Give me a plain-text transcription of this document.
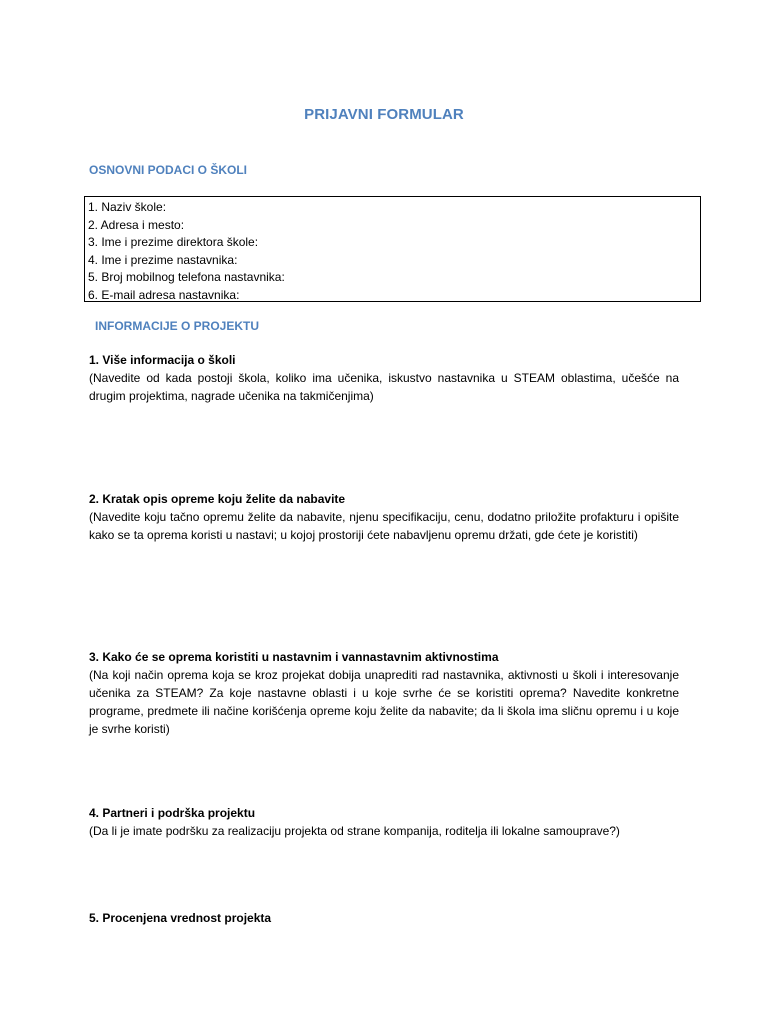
PRIJAVNI FORMULAR
OSNOVNI PODACI O ŠKOLI
1. Naziv škole:
2. Adresa i mesto:
3. Ime i prezime direktora škole:
4. Ime i prezime nastavnika:
5. Broj mobilnog telefona nastavnika:
6. E-mail adresa nastavnika:
INFORMACIJE O PROJEKTU
1. Više informacija o školi
(Navedite od kada postoji škola, koliko ima učenika, iskustvo nastavnika u STEAM oblastima, učešće na drugim projektima, nagrade učenika na takmičenjima)
2. Kratak opis opreme koju želite da nabavite
(Navedite koju tačno opremu želite da nabavite, njenu specifikaciju, cenu, dodatno priložite profakturu i opišite kako se ta oprema koristi u nastavi; u kojoj prostoriji ćete nabavljenu opremu držati, gde ćete je koristiti)
3. Kako će se oprema koristiti u nastavnim i vannastavnim aktivnostima
(Na koji način oprema koja se kroz projekat dobija unaprediti rad nastavnika, aktivnosti u školi i interesovanje učenika za STEAM? Za koje nastavne oblasti i u koje svrhe će se koristiti oprema? Navedite konkretne programe, predmete ili načine korišćenja opreme koju želite da nabavite; da li škola ima sličnu opremu i u koje je svrhe koristi)
4. Partneri i podrška projektu
(Da li je imate podršku za realizaciju projekta od strane kompanija, roditelja ili lokalne samouprave?)
5. Procenjena vrednost projekta
